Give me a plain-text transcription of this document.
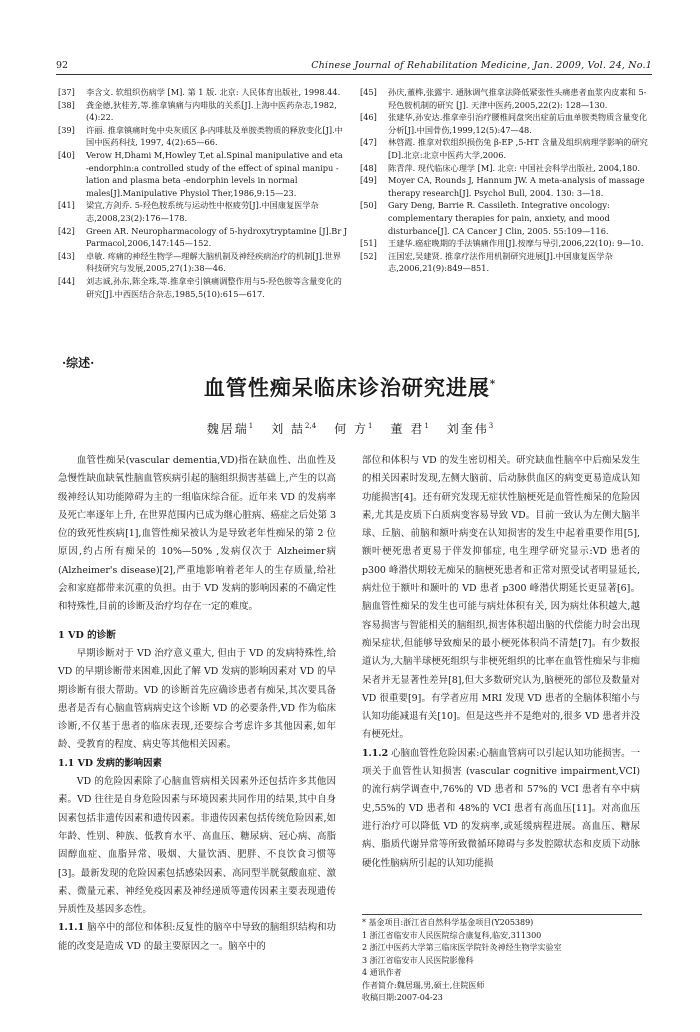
92	Chinese Journal of Rehabilitation Medicine, Jan. 2009, Vol. 24, No.1
[37] 李含文. 软组织伤病学 [M]. 第 1 版. 北京: 人民体育出版社, 1998.44.
[38] 龚金德,狄桂芳,等.推拿镇痛与内啡肽的关系[J].上海中医药杂志,1982,(4):22.
[39] 许丽. 推拿镇痛时兔中央灰质区 β-内啡肽及单胺类物质的释放变化[J].中国中医药科技, 1997, 4(2):65—66.
[40] Verow H,Dhami M,Howley T,et al.Spinal manipulative and eta -endorphin:a controlled study of the effect of spinal manipu -lation and plasma beta -endorphin levels in normal males[J].Manipulative Physiol Ther,1986,9:15—23.
[41] 梁宜,方剑乔. 5-羟色胺系统与运动性中枢疲劳[J].中国康复医学杂志,2008,23(2):176—178.
[42] Green AR. Neuropharmacology of 5-hydroxytryptamine [J].Br J Parmacol,2006,147:145—152.
[43] 卓敏. 疼痛的神经生物学—理解大脑机制及神经疾病治疗的机制[J].世界科技研究与发展,2005,27(1):38—46.
[44] 刘志诚,孙东,陈全珠,等.推拿牵引镇痛调整作用与5-羟色胺等含量变化的研究[J].中西医结合杂志,1985,5(10):615—617.
[45] 孙庆,董桦,张露宇. 通脉调气推拿法降低紧张性头痛患者血浆内皮素和 5-羟色胺机制的研究 [J]. 天津中医药,2005,22(2): 128—130.
[46] 张建华,孙安达.推拿牵引治疗腰椎间盘突出症前后血单胺类物质含量变化分析[J].中国骨伤,1999,12(5):47—48.
[47] 林啓霞. 推拿对软组织损伤兔 β-EP ,5-HT 含量及组织病理学影响的研究[D].北京:北京中医药大学,2006.
[48] 陈青萍. 现代临床心理学 [M]. 北京: 中国社会科学出版社, 2004,180.
[49] Moyer CA, Rounds J, Hannum JW. A meta-analysis of massage therapy research[J]. Psychol Bull, 2004. 130: 3—18.
[50] Gary Deng, Barrie R. Cassileth. Integrative oncology: complementary therapies for pain, anxiety, and mood disturbance[J]. CA Cancer J Clin, 2005. 55:109—116.
[51] 王建华.癌症晚期的手法镇痛作用[J].按摩与导引,2006,22(10): 9—10.
[52] 汪国宏,吴建贤. 推拿疗法作用机制研究进展[J].中国康复医学杂志,2006,21(9):849—851.
·综述·
血管性痴呆临床诊治研究进展*
魏居瑞$^1$ 刘 喆$^{2,4}$ 何 方$^1$ 董 君$^1$ 刘奎伟$^3$

血管性痴呆(vascular dementia,VD)指在缺血性、出血性及急慢性缺血缺氧性脑血管疾病引起的脑组织损害基础上,产生的以高级神经认知功能障碍为主的一组临床综合征。近年来 VD 的发病率及死亡率逐年上升, 在世界范围内已成为继心脏病、癌症之后处第 3 位的致死性疾病[1],血管性痴呆被认为是导致老年性痴呆的第 2 位原因,约占所有痴呆的 10%—50% ,发病仅次于 Alzheimer病(Alzheimer's disease)[2],严重地影响着老年人的生存质量,给社会和家庭都带来沉重的负担。由于 VD 发病的影响因素的不确定性和特殊性,目前的诊断及治疗均存在一定的难度。

1 VD 的诊断

早期诊断对于 VD 治疗意义重大, 但由于 VD 的发病特殊性,给 VD 的早期诊断带来困难,因此了解 VD 发病的影响因素对 VD 的早期诊断有很大帮助。VD 的诊断首先应确诊患者有痴呆,其次要具备患者是否有心脑血管病病史这个诊断 VD 的必要条件,VD 作为临床诊断,不仅基于患者的临床表现,还要综合考虑许多其他因素,如年龄、受教育的程度、病史等其他相关因素。

1.1 VD 发病的影响因素

VD 的危险因素除了心脑血管病相关因素外还包括许多其他因素。VD 往往是自身危险因素与环境因素共同作用的结果,其中自身因素包括非遗传因素和遗传因素。非遗传因素包括传统危险因素,如年龄、性别、种族、低教育水平、高血压、糖尿病、冠心病、高脂固醇血症、血脂异常、吸烟、大量饮酒、肥胖、不良饮食习惯等[3]。最新发现的危险因素包括感染因素、高同型半胱氨酸血症、激素、微量元素、神经免疫因素及神经递质等遗传因素主要表现遗传异质性及基因多态性。

1.1.1 脑卒中的部位和体积:反复性的脑卒中导致的脑组织结构和功能的改变是造成 VD 的最主要原因之一。脑卒中的

部位和体积与 VD 的发生密切相关。研究缺血性脑卒中后痴呆发生的相关因素时发现,左侧大脑前、后动脉供血区的病变更易造成认知功能损害[4]。还有研究发现无症状性脑梗死是血管性痴呆的危险因素,尤其是皮质下白质病变容易导致 VD。目前一致认为左侧大脑半球、丘脑、前脑和额叶病变在认知损害的发生中起着重要作用[5],额叶梗死患者更易于伴发抑郁症, 电生理学研究显示:VD 患者的 p300 峰潜伏期较无痴呆的脑梗死患者和正常对照受试者明显延长,病灶位于额叶和颞叶的 VD 患者 p300 峰潜伏期延长更显著[6]。脑血管性痴呆的发生也可能与病灶体积有关, 因为病灶体积越大,越容易损害与智能相关的脑组织,损害体积超出脑的代偿能力时会出现痴呆症状,但能够导致痴呆的最小梗死体积尚不清楚[7]。有少数报道认为,大脑半球梗死组织与非梗死组织的比率在血管性痴呆与非痴呆者并无显著性差异[8],但大多数研究认为,脑梗死的部位及数量对 VD 很重要[9]。有学者应用 MRI 发现 VD 患者的全脑体积缩小与认知功能减退有关[10]。但是这些并不是绝对的,很多 VD 患者并没有梗死灶。

1.1.2 心脑血管性危险因素:心脑血管病可以引起认知功能损害。一项关于血管性认知损害 (vascular cognitive impairment,VCI) 的流行病学调查中,76%的 VD 患者和 57%的 VCI 患者有卒中病史,55%的 VD 患者和 48%的 VCI 患者有高血压[11]。对高血压进行治疗可以降低 VD 的发病率,或延缓病程进展。高血压、糖尿病、脂质代谢异常等所致微循环障碍与多发腔隙状态和皮质下动脉硬化性脑病所引起的认知功能损

* 基金项目:浙江省自然科学基金项目(Y205389)
1 浙江省临安市人民医院综合康复科,临安,311300
2 浙江中医药大学第三临床医学院针灸神经生物学实验室
3 浙江省临安市人民医院影像科
4 通讯作者
作者简介:魏居瑞,男,硕士,住院医师
收稿日期:2007-04-23
